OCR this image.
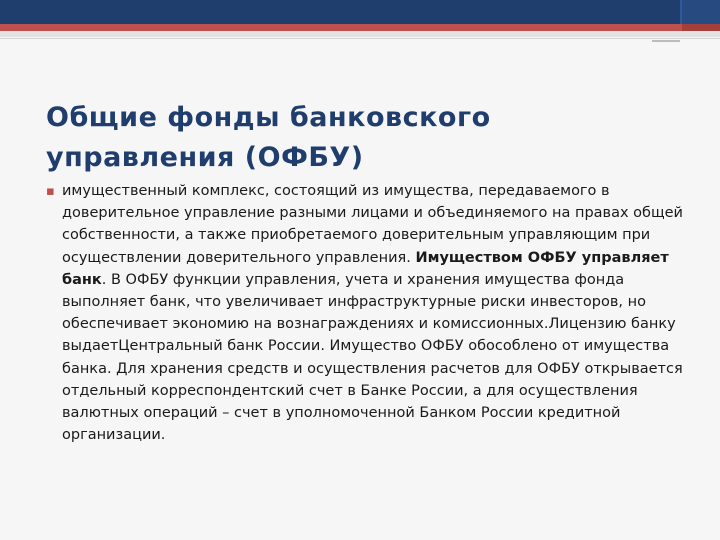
Общие фонды банковского управления (ОФБУ)
▪ имущественный комплекс, состоящий из имущества, передаваемого в доверительное управление разными лицами и объединяемого на правах общей собственности, а также приобретаемого доверительным управляющим при осуществлении доверительного управления. Имуществом ОФБУ управляет банк. В ОФБУ функции управления, учета и хранения имущества фонда выполняет банк, что увеличивает инфраструктурные риски инвесторов, но обеспечивает экономию на вознаграждениях и комиссионных.Лицензию банку выдаетЦентральный банк России. Имущество ОФБУ обособлено от имущества банка. Для хранения средств и осуществления расчетов для ОФБУ открывается отдельный корреспондентский счет в Банке России, а для осуществления валютных операций – счет в уполномоченной Банком России кредитной организации.
